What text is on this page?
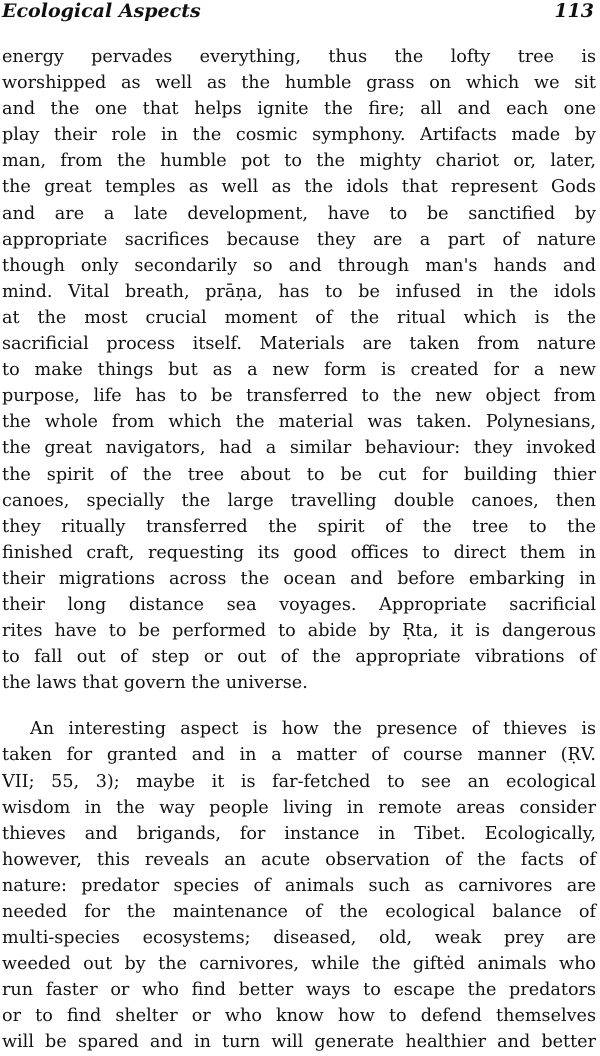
Ecological Aspects	113
energy pervades everything, thus the lofty tree is
worshipped as well as the humble grass on which we sit
and the one that helps ignite the fire; all and each one
play their role in the cosmic symphony. Artifacts made by
man, from the humble pot to the mighty chariot or, later,
the great temples as well as the idols that represent Gods
and are a late development, have to be sanctified by
appropriate sacrifices because they are a part of nature
though only secondarily so and through man's hands and
mind. Vital breath, prāṇa, has to be infused in the idols
at the most crucial moment of the ritual which is the
sacrificial process itself. Materials are taken from nature
to make things but as a new form is created for a new
purpose, life has to be transferred to the new object from
the whole from which the material was taken. Polynesians,
the great navigators, had a similar behaviour: they invoked
the spirit of the tree about to be cut for building thier
canoes, specially the large travelling double canoes, then
they ritually transferred the spirit of the tree to the
finished craft, requesting its good offices to direct them in
their migrations across the ocean and before embarking in
their long distance sea voyages. Appropriate sacrificial
rites have to be performed to abide by Ṛta, it is dangerous
to fall out of step or out of the appropriate vibrations of
the laws that govern the universe.
An interesting aspect is how the presence of thieves is
taken for granted and in a matter of course manner (ṚV.
VII; 55, 3); maybe it is far-fetched to see an ecological
wisdom in the way people living in remote areas consider
thieves and brigands, for instance in Tibet. Ecologically,
however, this reveals an acute observation of the facts of
nature: predator species of animals such as carnivores are
needed for the maintenance of the ecological balance of
multi-species ecosystems; diseased, old, weak prey are
weeded out by the carnivores, while the giftėd animals who
run faster or who find better ways to escape the predators
or to find shelter or who know how to defend themselves
will be spared and in turn will generate healthier and better
